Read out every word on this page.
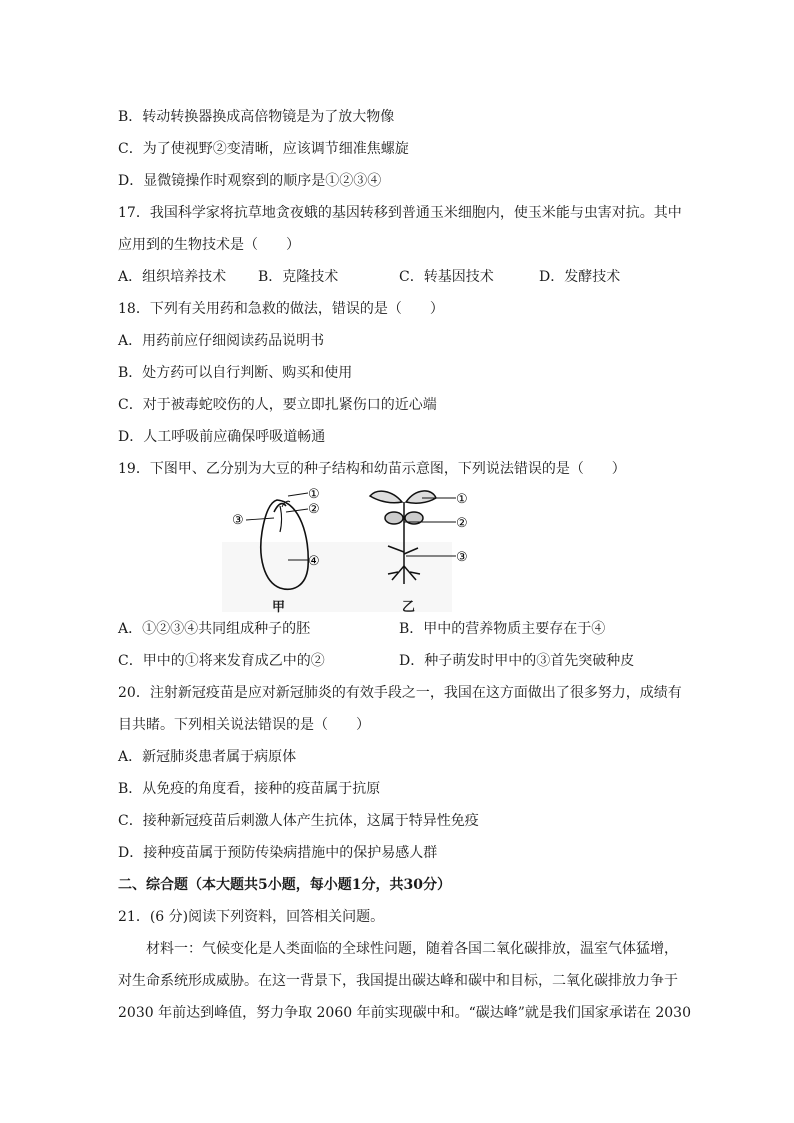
B．转动转换器换成高倍物镜是为了放大物像
C．为了使视野②变清晰，应该调节细准焦螺旋
D．显微镜操作时观察到的顺序是①②③④
17．我国科学家将抗草地贪夜蛾的基因转移到普通玉米细胞内，使玉米能与虫害对抗。其中
应用到的生物技术是（　　）
A．组织培养技术 B．克隆技术	C．转基因技术	D．发酵技术
18．下列有关用药和急救的做法，错误的是（　　）
A．用药前应仔细阅读药品说明书
B．处方药可以自行判断、购买和使用
C．对于被毒蛇咬伤的人，要立即扎紧伤口的近心端
D．人工呼吸前应确保呼吸道畅通
19．下图甲、乙分别为大豆的种子结构和幼苗示意图，下列说法错误的是（　　）
①
②
③
④
①
②
③
甲	乙
A．①②③④共同组成种子的胚	B．甲中的营养物质主要存在于④
C．甲中的①将来发育成乙中的②	D．种子萌发时甲中的③首先突破种皮
20．注射新冠疫苗是应对新冠肺炎的有效手段之一，我国在这方面做出了很多努力，成绩有
目共睹。下列相关说法错误的是（　　）
A．新冠肺炎患者属于病原体
B．从免疫的角度看，接种的疫苗属于抗原
C．接种新冠疫苗后刺激人体产生抗体，这属于特异性免疫
D．接种疫苗属于预防传染病措施中的保护易感人群
二、综合题（本大题共5小题，每小题1分，共30分）
21．(6 分)阅读下列资料，回答相关问题。
材料一：气候变化是人类面临的全球性问题，随着各国二氧化碳排放，温室气体猛增，
对生命系统形成威胁。在这一背景下，我国提出碳达峰和碳中和目标，二氧化碳排放力争于
2030 年前达到峰值，努力争取 2060 年前实现碳中和。“碳达峰”就是我们国家承诺在 2030
